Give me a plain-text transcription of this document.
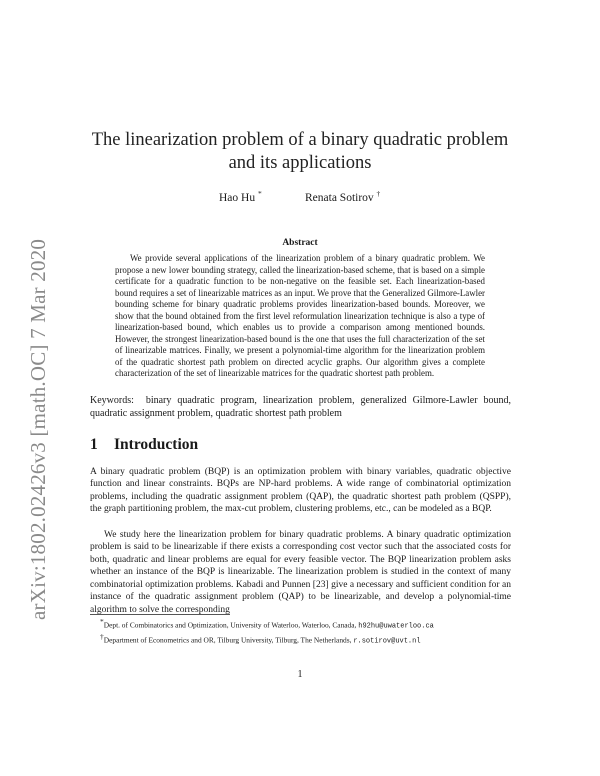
arXiv:1802.02426v3 [math.OC] 7 Mar 2020
The linearization problem of a binary quadratic problem and its applications
Hao Hu *	Renata Sotirov †
Abstract
We provide several applications of the linearization problem of a binary quadratic problem. We propose a new lower bounding strategy, called the linearization-based scheme, that is based on a simple certificate for a quadratic function to be non-negative on the feasible set. Each linearization-based bound requires a set of linearizable matrices as an input. We prove that the Generalized Gilmore-Lawler bounding scheme for binary quadratic problems provides linearization-based bounds. Moreover, we show that the bound obtained from the first level reformulation linearization technique is also a type of linearization-based bound, which enables us to provide a comparison among mentioned bounds. However, the strongest linearization-based bound is the one that uses the full characterization of the set of linearizable matrices. Finally, we present a polynomial-time algorithm for the linearization problem of the quadratic shortest path problem on directed acyclic graphs. Our algorithm gives a complete characterization of the set of linearizable matrices for the quadratic shortest path problem.
Keywords: binary quadratic program, linearization problem, generalized Gilmore-Lawler bound, quadratic assignment problem, quadratic shortest path problem
1 Introduction
A binary quadratic problem (BQP) is an optimization problem with binary variables, quadratic objective function and linear constraints. BQPs are NP-hard problems. A wide range of combinatorial optimization problems, including the quadratic assignment problem (QAP), the quadratic shortest path problem (QSPP), the graph partitioning problem, the max-cut problem, clustering problems, etc., can be modeled as a BQP.
We study here the linearization problem for binary quadratic problems. A binary quadratic optimization problem is said to be linearizable if there exists a corresponding cost vector such that the associated costs for both, quadratic and linear problems are equal for every feasible vector. The BQP linearization problem asks whether an instance of the BQP is linearizable. The linearization problem is studied in the context of many combinatorial optimization problems. Kabadi and Punnen [23] give a necessary and sufficient condition for an instance of the quadratic assignment problem (QAP) to be linearizable, and develop a polynomial-time algorithm to solve the corresponding
*Dept. of Combinatorics and Optimization, University of Waterloo, Waterloo, Canada, h92hu@uwaterloo.ca
†Department of Econometrics and OR, Tilburg University, Tilburg, The Netherlands, r.sotirov@uvt.nl
1
